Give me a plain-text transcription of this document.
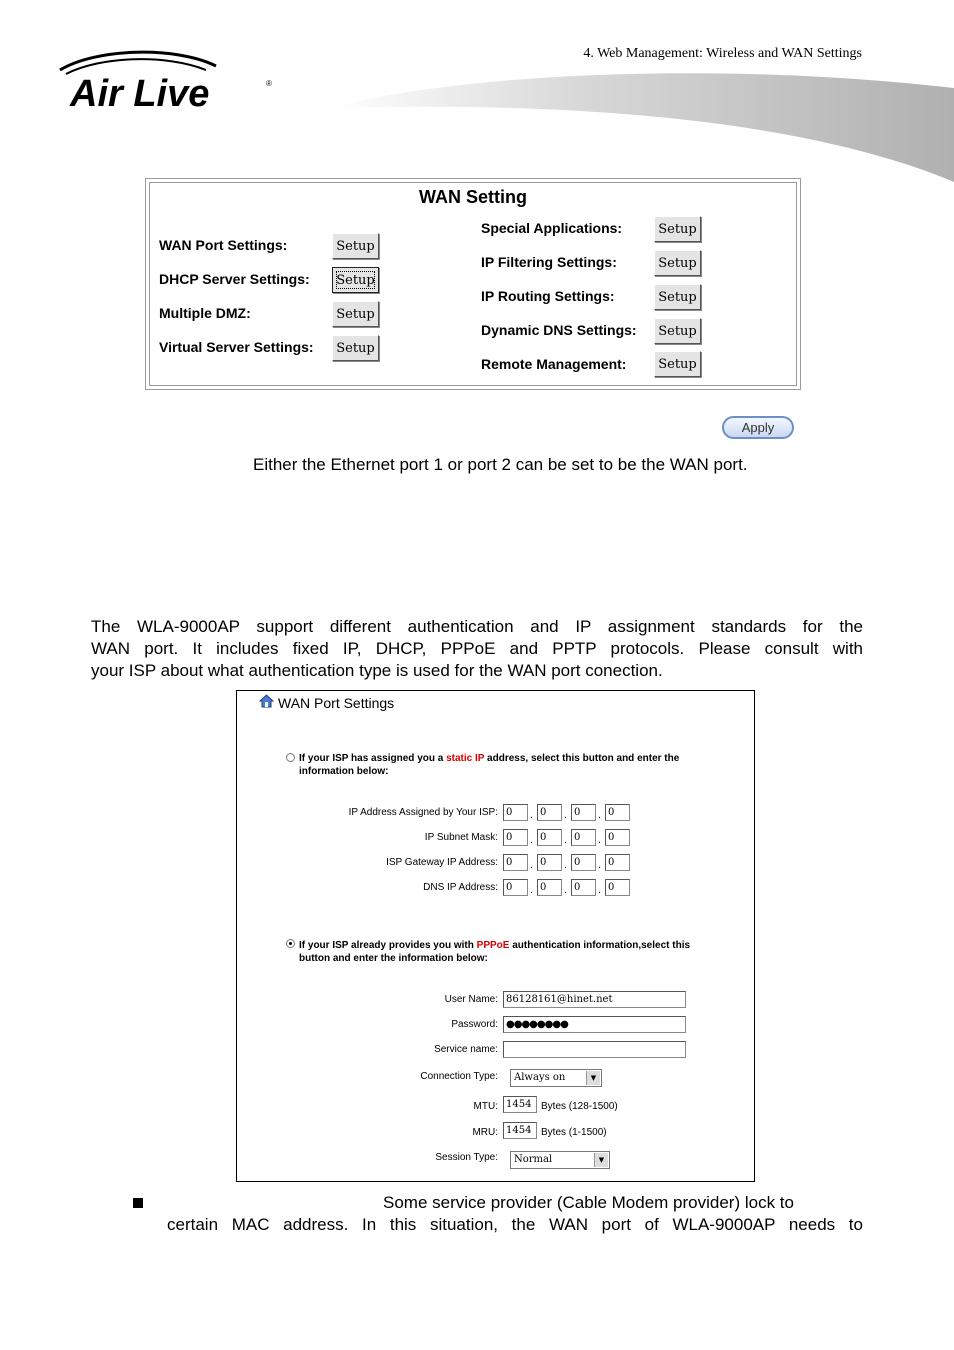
4. Web Management: Wireless and WAN Settings
Air Live	®
WAN Setting
WAN Port Settings:	Setup
DHCP Server Settings:	Setup
Multiple DMZ:	Setup
Virtual Server Settings:	Setup
Special Applications:	Setup
IP Filtering Settings:	Setup
IP Routing Settings:	Setup
Dynamic DNS Settings:	Setup
Remote Management:	Setup
Apply
Either the Ethernet port 1 or port 2 can be set to be the WAN port.
The WLA-9000AP support different authentication and IP assignment standards for the
WAN port. It includes fixed IP, DHCP, PPPoE and PPTP protocols. Please consult with
your ISP about what authentication type is used for the WAN port conection.
WAN Port Settings
If your ISP has assigned you a static IP address, select this button and enter the
information below:
IP Address Assigned by Your ISP: 0	. 0	. 0	. 0
IP Subnet Mask: 0	. 0	. 0	. 0
ISP Gateway IP Address: 0	. 0	. 0	. 0
DNS IP Address: 0	. 0	. 0	. 0
If your ISP already provides you with PPPoE authentication information,select this
button and enter the information below:
User Name: 86128161@hinet.net
Password: ●●●●●●●●
Service name:
Connection Type:	Always on	▼
MTU: 1454 Bytes (128-1500)
MRU: 1454 Bytes (1-1500)
Session Type:	Normal	▼
Some service provider (Cable Modem provider) lock to
certain MAC address. In this situation, the WAN port of WLA-9000AP needs to
